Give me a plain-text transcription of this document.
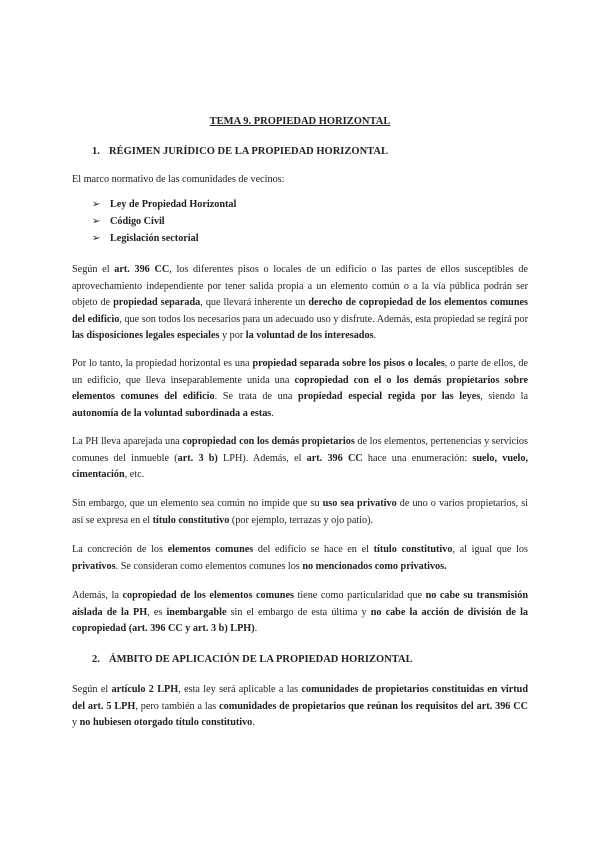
TEMA 9. PROPIEDAD HORIZONTAL
1. RÉGIMEN JURÍDICO DE LA PROPIEDAD HORIZONTAL
El marco normativo de las comunidades de vecinos:
➢ Ley de Propiedad Horizontal
➢ Código Civil
➢ Legislación sectorial
Según el art. 396 CC, los diferentes pisos o locales de un edificio o las partes de ellos susceptibles de aprovechamiento independiente por tener salida propia a un elemento común o a la vía pública podrán ser objeto de propiedad separada, que llevará inherente un derecho de copropiedad de los elementos comunes del edificio, que son todos los necesarios para un adecuado uso y disfrute. Además, esta propiedad se regirá por las disposiciones legales especiales y por la voluntad de los interesados.
Por lo tanto, la propiedad horizontal es una propiedad separada sobre los pisos o locales, o parte de ellos, de un edificio, que lleva inseparablemente unida una copropiedad con el o los demás propietarios sobre elementos comunes del edificio. Se trata de una propiedad especial regida por las leyes, siendo la autonomía de la voluntad subordinada a estas.
La PH lleva aparejada una copropiedad con los demás propietarios de los elementos, pertenencias y servicios comunes del inmueble (art. 3 b) LPH). Además, el art. 396 CC hace una enumeración: suelo, vuelo, cimentación, etc.
Sin embargo, que un elemento sea común no impide que su uso sea privativo de uno o varios propietarios, si así se expresa en el título constitutivo (por ejemplo, terrazas y ojo patio).
La concreción de los elementos comunes del edificio se hace en el título constitutivo, al igual que los privativos. Se consideran como elementos comunes los no mencionados como privativos.
Además, la copropiedad de los elementos comunes tiene como particularidad que no cabe su transmisión aislada de la PH, es inembargable sin el embargo de esta última y no cabe la acción de división de la copropiedad (art. 396 CC y art. 3 b) LPH).
2. ÁMBITO DE APLICACIÓN DE LA PROPIEDAD HORIZONTAL
Según el artículo 2 LPH, esta ley será aplicable a las comunidades de propietarios constituidas en virtud del art. 5 LPH, pero también a las comunidades de propietarios que reúnan los requisitos del art. 396 CC y no hubiesen otorgado título constitutivo.
